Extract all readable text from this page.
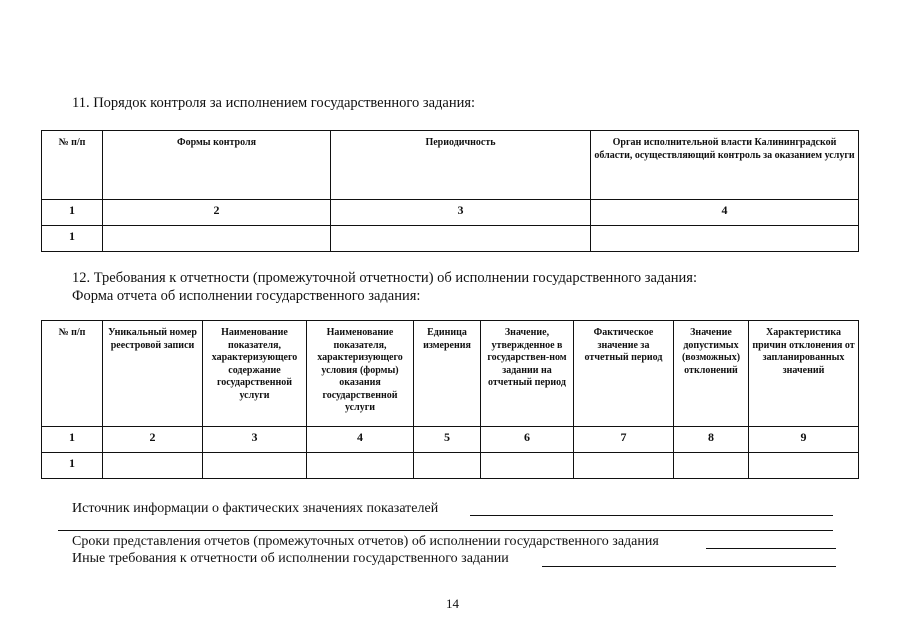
11. Порядок контроля за исполнением государственного задания:
№ п/п	Формы контроля	Периодичность	Орган исполнительной власти Калининградской области, осуществляющий контроль за оказанием услуги
1	2	3	4
1			
12. Требования к отчетности (промежуточной отчетности) об исполнении государственного задания:
Форма отчета об исполнении государственного задания:
№ п/п	Уникальный номер реестровой записи	Наименование показателя, характеризующего содержание государственной услуги	Наименование показателя, характеризующего условия (формы) оказания государственной услуги	Единица измерения	Значение, утвержденное в государствен-ном задании на отчетный период	Фактическое значение за отчетный период	Значение допустимых (возможных) отклонений	Характеристика причин отклонения от запланированных значений
1	2	3	4	5	6	7	8	9
1								
Источник информации о фактических значениях показателей
Сроки представления отчетов (промежуточных отчетов) об исполнении государственного задания
Иные требования к отчетности об исполнении государственного задании
14
